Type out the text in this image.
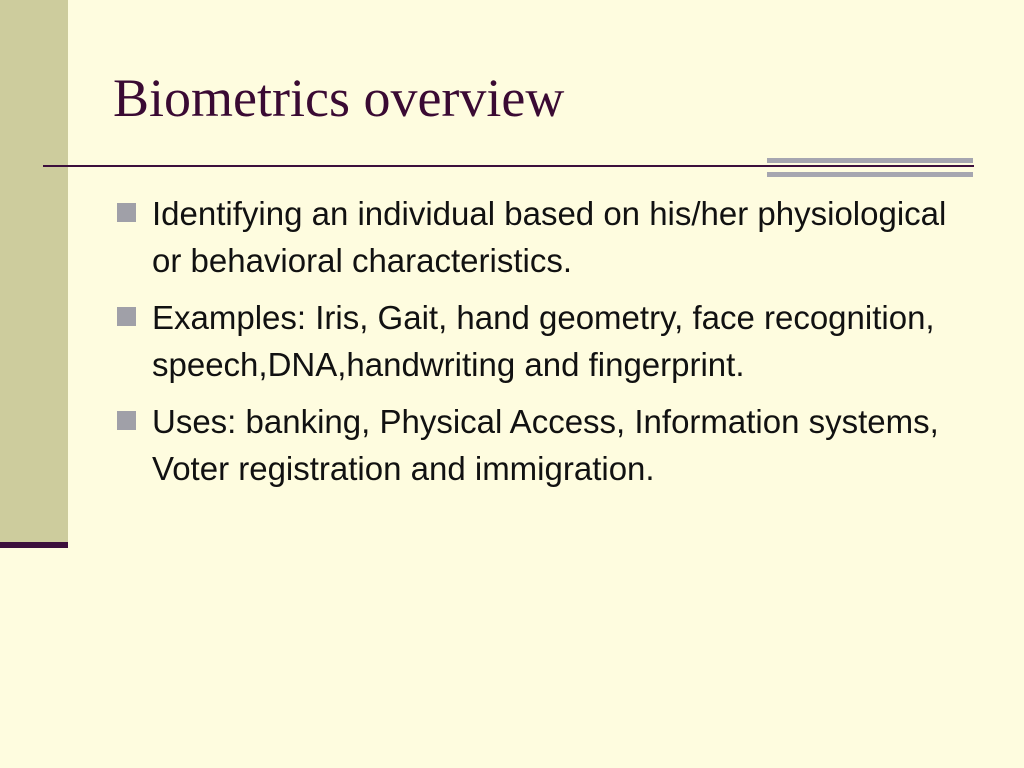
Biometrics overview
Identifying an individual based on his/her physiological or behavioral characteristics.
Examples: Iris, Gait, hand geometry, face recognition, speech,DNA,handwriting and fingerprint.
Uses: banking, Physical Access, Information systems, Voter registration and immigration.
